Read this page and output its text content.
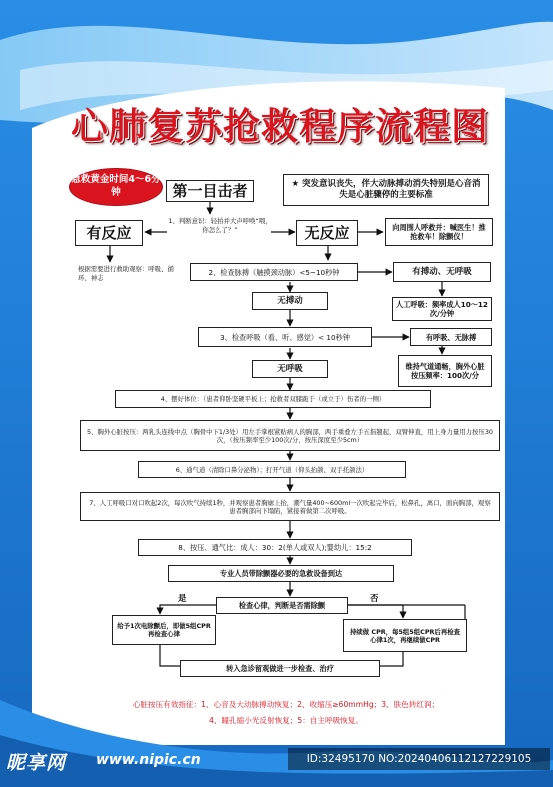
心肺复苏抢救程序流程图
急救黄金时间4～6分钟	第一目击者	★ 突发意识丧失，伴大动脉搏动消失特别是心音消失是心脏骤停的主要标准
1、判断意识：轻拍并大声呼唤“喂，你怎么了？”
有反应	无反应	向周围人呼救并：喊医生！推抢救车！除颤仪！
根据需要进行救助观察：呼吸、循环、神志
2、检查脉搏（触摸颈动脉）<5~10秒钟	有搏动、无呼吸
无搏动	人工呼吸：频率成人10～12次/分钟
3、检查呼吸（看、听、感觉）< 10秒钟	有呼吸、无脉搏
无呼吸	维持气道通畅，胸外心脏按压频率：100次/分
4、摆好体位：（患者仰卧坚硬平板上；抢救者双膝跪于（或立于）伤者的一侧）
5、胸外心脏按压：两乳头连线中点（胸骨中下1/3处）用左手掌根紧贴病人的胸部，两手重叠左手五指翘起，双臂伸直，用上身力量用力按压30次，（按压频率至少100次/分，按压深度至少5cm）
6、通气道（清除口鼻分泌物）；打开气道（仰头抬颌、双手托颌法）
7、人工呼吸口对口吹起2次，每次吹气持续1秒，并观察患者胸廓上抬，潮气量400~600ml一次吹起完毕后，松鼻孔，离口，面向胸部，观察患者胸部向下塌陷，紧接着做第二次呼吸。
8、按压、通气比：成人：30：2(单人或双人);婴幼儿：15:2
专业人员带除颤器必要的急救设备到达
是	否
检查心律，判断是否需除颤
给予1次电除颤后，即做5组CPR再检查心律	持续做 CPR，每5组5组CPR后再检查心律1次，再继续做CPR
转入急诊留观做进一步检查、治疗
心脏按压有效指征：1、心音及大动脉搏动恢复；2、收缩压≥60mmHg；3、肤色转红润；
4、瞳孔缩小光反射恢复；5：自主呼吸恢复。
昵享网 www.nipic.cn	ID:32495170 NO:20240406112127229105
